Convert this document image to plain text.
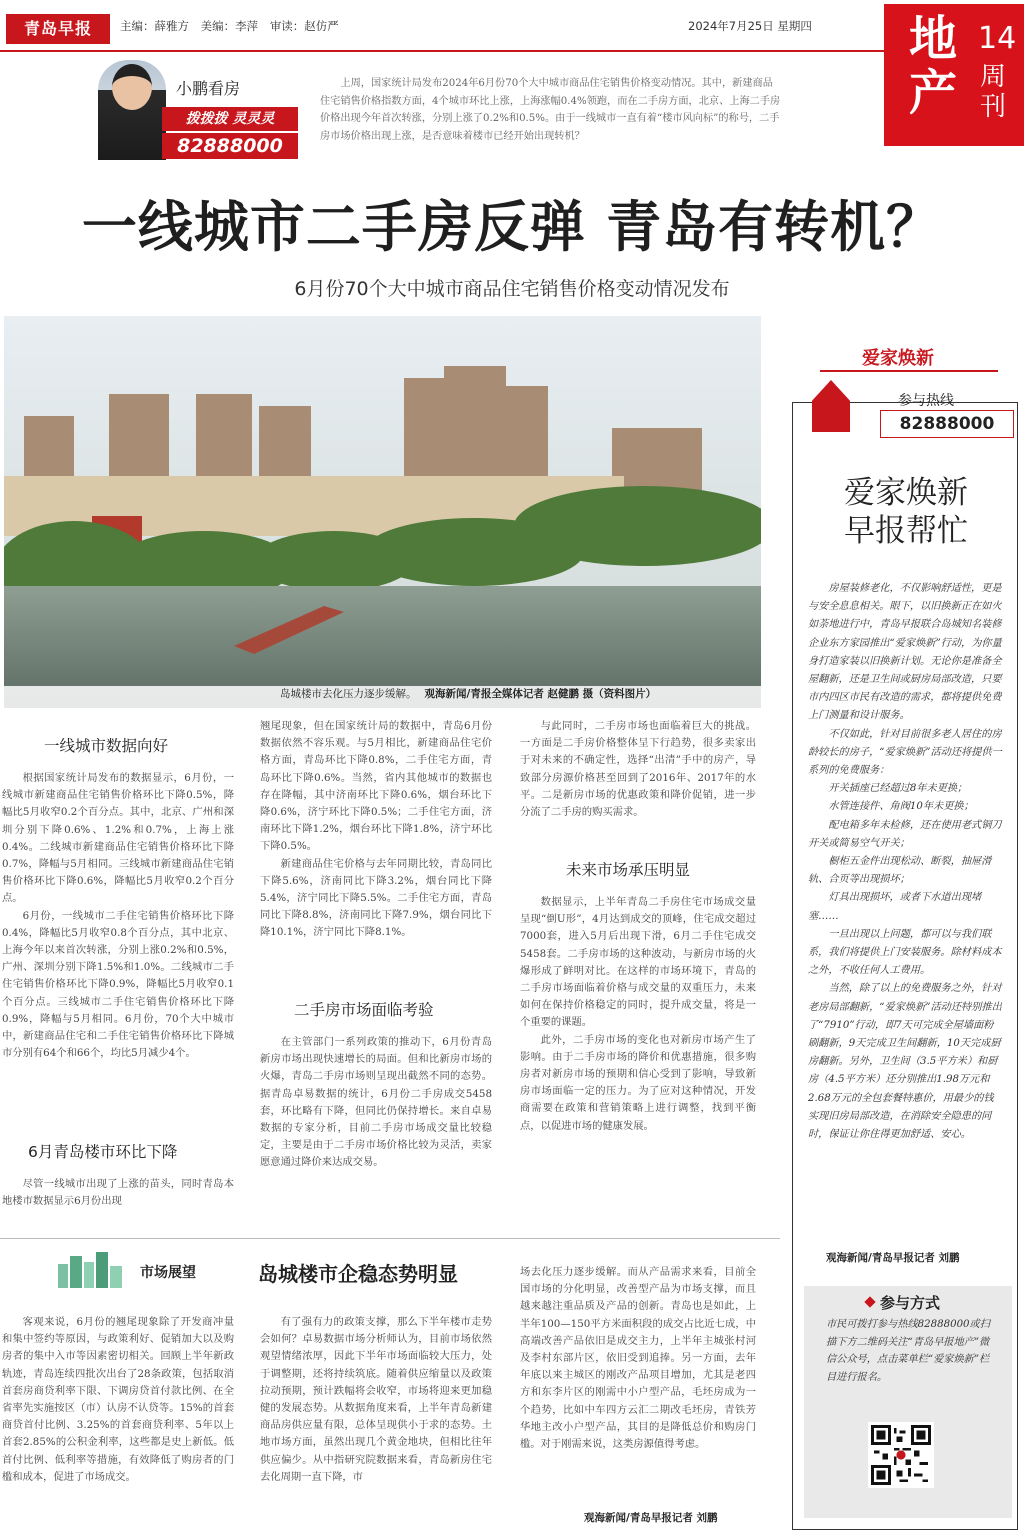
青岛早报	主编：薛雅方 美编：李萍 审读：赵仿严	2024年7月25日 星期四	地产
14
周刊
小鹏看房
拨拨拨 灵灵灵
82888000
上周，国家统计局发布2024年6月份70个大中城市商品住宅销售价格变动情况。其中，新建商品住宅销售价格指数方面，4个城市环比上涨，上海涨幅0.4%领跑，而在二手房方面，北京、上海二手房价格出现今年首次转涨，分别上涨了0.2%和0.5%。由于一线城市一直有着“楼市风向标”的称号，二手房市场价格出现上涨，是否意味着楼市已经开始出现转机？
一线城市二手房反弹 青岛有转机？
6月份70个大中城市商品住宅销售价格变动情况发布
岛城楼市去化压力逐步缓解。 观海新闻/青报全媒体记者 赵健鹏 摄（资料图片）
一线城市数据向好

根据国家统计局发布的数据显示，6月份，一线城市新建商品住宅销售价格环比下降0.5%，降幅比5月收窄0.2个百分点。其中，北京、广州和深圳分别下降0.6%、1.2%和0.7%，上海上涨0.4%。二线城市新建商品住宅销售价格环比下降0.7%，降幅与5月相同。三线城市新建商品住宅销售价格环比下降0.6%，降幅比5月收窄0.2个百分点。

6月份，一线城市二手住宅销售价格环比下降0.4%，降幅比5月收窄0.8个百分点，其中北京、上海今年以来首次转涨，分别上涨0.2%和0.5%，广州、深圳分别下降1.5%和1.0%。二线城市二手住宅销售价格环比下降0.9%，降幅比5月收窄0.1个百分点。三线城市二手住宅销售价格环比下降0.9%，降幅与5月相同。6月份，70个大中城市中，新建商品住宅和二手住宅销售价格环比下降城市分别有64个和66个，均比5月减少4个。

6月青岛楼市环比下降

尽管一线城市出现了上涨的苗头，同时青岛本地楼市数据显示6月份出现

翘尾现象，但在国家统计局的数据中，青岛6月份数据依然不容乐观。与5月相比，新建商品住宅价格方面，青岛环比下降0.8%，二手住宅方面，青岛环比下降0.6%。当然，省内其他城市的数据也存在降幅，其中济南环比下降0.6%，烟台环比下降0.6%，济宁环比下降0.5%；二手住宅方面，济南环比下降1.2%，烟台环比下降1.8%，济宁环比下降0.5%。

新建商品住宅价格与去年同期比较，青岛同比下降5.6%，济南同比下降3.2%，烟台同比下降5.4%，济宁同比下降5.5%。二手住宅方面，青岛同比下降8.8%，济南同比下降7.9%，烟台同比下降10.1%，济宁同比下降8.1%。

二手房市场面临考验

在主管部门一系列政策的推动下，6月份青岛新房市场出现快速增长的局面。但和比新房市场的火爆，青岛二手房市场则呈现出截然不同的态势。据青岛卓易数据的统计，6月份二手房成交5458套，环比略有下降，但同比仍保持增长。来自卓易数据的专家分析，目前二手房市场成交量比较稳定，主要是由于二手房市场价格比较为灵活，卖家愿意通过降价来达成交易。

与此同时，二手房市场也面临着巨大的挑战。一方面是二手房价格整体呈下行趋势，很多卖家出于对未来的不确定性，选择“出清”手中的房产，导致部分房源价格甚至回到了2016年、2017年的水平。二是新房市场的优惠政策和降价促销，进一步分流了二手房的购买需求。

未来市场承压明显

数据显示，上半年青岛二手房住宅市场成交量呈现“倒U形”，4月达到成交的顶峰，住宅成交超过7000套，进入5月后出现下滑，6月二手住宅成交5458套。二手房市场的这种波动，与新房市场的火爆形成了鲜明对比。在这样的市场环境下，青岛的二手房市场面临着价格与成交量的双重压力，未来如何在保持价格稳定的同时，提升成交量，将是一个重要的课题。

此外，二手房市场的变化也对新房市场产生了影响。由于二手房市场的降价和优惠措施，很多购房者对新房市场的预期和信心受到了影响，导致新房市场面临一定的压力。为了应对这种情况，开发商需要在政策和营销策略上进行调整，找到平衡点，以促进市场的健康发展。

市场展望	岛城楼市企稳态势明显

客观来说，6月份的翘尾现象除了开发商冲量和集中签约等原因，与政策利好、促销加大以及购房者的集中入市等因素密切相关。回顾上半年新政轨迹，青岛连续四批次出台了28条政策，包括取消首套房商贷利率下限、下调房贷首付款比例、在全省率先实施按区（市）认房不认贷等。15%的首套商贷首付比例、3.25%的首套商贷利率、5年以上首套2.85%的公积金利率，这些都是史上新低。低首付比例、低利率等措施，有效降低了购房者的门槛和成本，促进了市场成交。

有了强有力的政策支撑，那么下半年楼市走势会如何？卓易数据市场分析师认为，目前市场依然观望情绪浓厚，因此下半年市场面临较大压力，处于调整期，还将持续筑底。随着供应缩量以及政策拉动预期，预计跌幅将会收窄，市场将迎来更加稳健的发展态势。从数据角度来看，上半年青岛新建商品房供应量有限，总体呈现供小于求的态势。土地市场方面，虽然出现几个黄金地块，但相比往年供应偏少。从中指研究院数据来看，青岛新房住宅去化周期一直下降，市

场去化压力逐步缓解。而从产品需求来看，目前全国市场的分化明显，改善型产品为市场支撑，而且越来越注重品质及产品的创新。青岛也是如此，上半年100—150平方米面积段的成交占比近七成，中高端改善产品依旧是成交主力，上半年主城张村河及李村东部片区，依旧受到追捧。另一方面，去年年底以来主城区的刚改产品项目增加，尤其是老四方和东李片区的刚需中小户型产品，毛坯房成为一个趋势，比如中车四方云汇二期改毛坯房，青铁芳华地主改小户型产品，其目的是降低总价和购房门槛。对于刚需来说，这类房源值得考虑。

观海新闻/青岛早报记者 刘鹏
爱家焕新
参与热线
82888000
爱家焕新
早报帮忙

房屋装修老化，不仅影响舒适性，更是与安全息息相关。眼下，以旧换新正在如火如荼地进行中，青岛早报联合岛城知名装修企业东方家园推出“爱家焕新”行动，为你量身打造家装以旧换新计划。无论你是准备全屋翻新，还是卫生间或厨房局部改造，只要市内四区市民有改造的需求，都将提供免费上门测量和设计服务。

不仅如此，针对目前很多老人居住的房龄较长的房子，“爱家焕新”活动还将提供一系列的免费服务：

开关插座已经超过8年未更换；

水管连接件、角阀10年未更换；

配电箱多年未检修，还在使用老式铜刀开关或简易空气开关；

橱柜五金件出现松动、断裂，抽屉滑轨、合页等出现损坏；

灯具出现损坏，或者下水道出现堵塞……

一旦出现以上问题，都可以与我们联系，我们将提供上门安装服务。除材料成本之外，不收任何人工费用。

当然，除了以上的免费服务之外，针对老房局部翻新，“爱家焕新”活动还特别推出了“7910”行动，即7天可完成全屋墙面粉刷翻新，9天完成卫生间翻新，10天完成厨房翻新。另外，卫生间（3.5平方米）和厨房（4.5平方米）还分别推出1.98万元和2.68万元的全包套餐特惠价，用最少的钱实现旧房局部改造，在消除安全隐患的同时，保证让你住得更加舒适、安心。

观海新闻/青岛早报记者 刘鹏
参与方式
市民可拨打参与热线82888000或扫描下方二维码关注“青岛早报地产”微信公众号，点击菜单栏“爱家焕新”栏目进行报名。
